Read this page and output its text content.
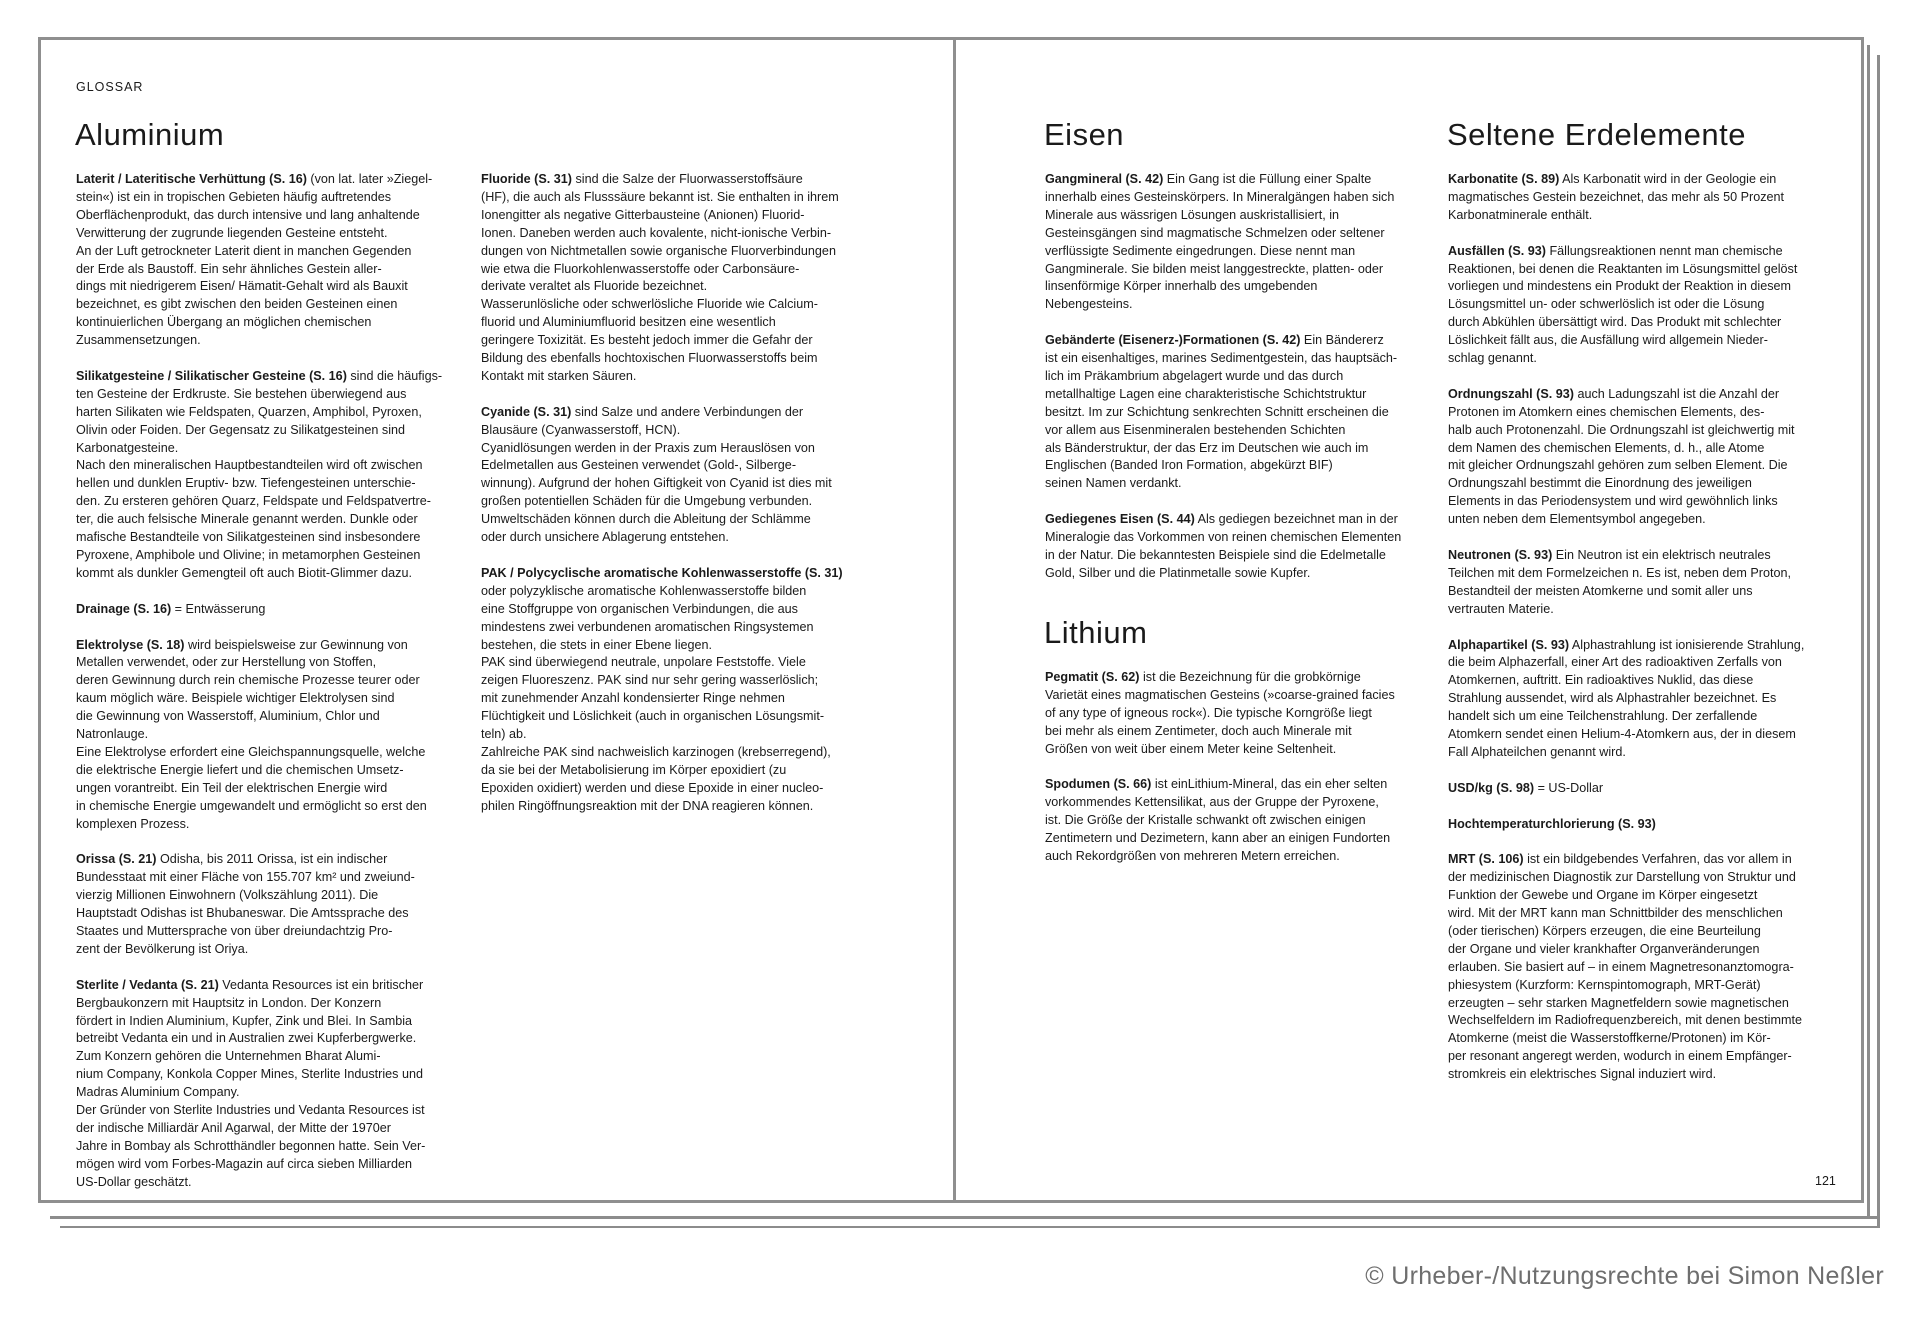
GLOSSAR
Aluminium

Laterit / Lateritische Verhüttung (S. 16) (von lat. later »Ziegel-
stein«) ist ein in tropischen Gebieten häufig auftretendes
Oberflächenprodukt, das durch intensive und lang anhaltende
Verwitterung der zugrunde liegenden Gesteine entsteht.
An der Luft getrockneter Laterit dient in manchen Gegenden
der Erde als Baustoff. Ein sehr ähnliches Gestein aller-
dings mit niedrigerem Eisen/ Hämatit-Gehalt wird als Bauxit
bezeichnet, es gibt zwischen den beiden Gesteinen einen
kontinuierlichen Übergang an möglichen chemischen
Zusammensetzungen.

Silikatgesteine / Silikatischer Gesteine (S. 16) sind die häufigs-
ten Gesteine der Erdkruste. Sie bestehen überwiegend aus
harten Silikaten wie Feldspaten, Quarzen, Amphibol, Pyroxen,
Olivin oder Foiden. Der Gegensatz zu Silikatgesteinen sind
Karbonatgesteine.
Nach den mineralischen Hauptbestandteilen wird oft zwischen
hellen und dunklen Eruptiv- bzw. Tiefengesteinen unterschie-
den. Zu ersteren gehören Quarz, Feldspate und Feldspatvertre-
ter, die auch felsische Minerale genannt werden. Dunkle oder
mafische Bestandteile von Silikatgesteinen sind insbesondere
Pyroxene, Amphibole und Olivine; in metamorphen Gesteinen
kommt als dunkler Gemengteil oft auch Biotit-Glimmer dazu.

Drainage (S. 16) = Entwässerung

Elektrolyse (S. 18) wird beispielsweise zur Gewinnung von
Metallen verwendet, oder zur Herstellung von Stoffen,
deren Gewinnung durch rein chemische Prozesse teurer oder
kaum möglich wäre. Beispiele wichtiger Elektrolysen sind
die Gewinnung von Wasserstoff, Aluminium, Chlor und
Natronlauge.
Eine Elektrolyse erfordert eine Gleichspannungsquelle, welche
die elektrische Energie liefert und die chemischen Umsetz-
ungen vorantreibt. Ein Teil der elektrischen Energie wird
in chemische Energie umgewandelt und ermöglicht so erst den
komplexen Prozess.

Orissa (S. 21) Odisha, bis 2011 Orissa, ist ein indischer
Bundesstaat mit einer Fläche von 155.707 km² und zweiund-
vierzig Millionen Einwohnern (Volkszählung 2011). Die
Hauptstadt Odishas ist Bhubaneswar. Die Amtssprache des
Staates und Muttersprache von über dreiundachtzig Pro-
zent der Bevölkerung ist Oriya.

Sterlite / Vedanta (S. 21) Vedanta Resources ist ein britischer
Bergbaukonzern mit Hauptsitz in London. Der Konzern
fördert in Indien Aluminium, Kupfer, Zink und Blei. In Sambia
betreibt Vedanta ein und in Australien zwei Kupferbergwerke.
Zum Konzern gehören die Unternehmen Bharat Alumi-
nium Company, Konkola Copper Mines, Sterlite Industries und
Madras Aluminium Company.
Der Gründer von Sterlite Industries und Vedanta Resources ist
der indische Milliardär Anil Agarwal, der Mitte der 1970er
Jahre in Bombay als Schrotthändler begonnen hatte. Sein Ver-
mögen wird vom Forbes-Magazin auf circa sieben Milliarden
US-Dollar geschätzt.

Fluoride (S. 31) sind die Salze der Fluorwasserstoffsäure
(HF), die auch als Flusssäure bekannt ist. Sie enthalten in ihrem
Ionengitter als negative Gitterbausteine (Anionen) Fluorid-
Ionen. Daneben werden auch kovalente, nicht-ionische Verbin-
dungen von Nichtmetallen sowie organische Fluorverbindungen
wie etwa die Fluorkohlenwasserstoffe oder Carbonsäure-
derivate veraltet als Fluoride bezeichnet.
Wasserunlösliche oder schwerlösliche Fluoride wie Calcium-
fluorid und Aluminiumfluorid besitzen eine wesentlich
geringere Toxizität. Es besteht jedoch immer die Gefahr der
Bildung des ebenfalls hochtoxischen Fluorwasserstoffs beim
Kontakt mit starken Säuren.

Cyanide (S. 31) sind Salze und andere Verbindungen der
Blausäure (Cyanwasserstoff, HCN).
Cyanidlösungen werden in der Praxis zum Herauslösen von
Edelmetallen aus Gesteinen verwendet (Gold-, Silberge-
winnung). Aufgrund der hohen Giftigkeit von Cyanid ist dies mit
großen potentiellen Schäden für die Umgebung verbunden.
Umweltschäden können durch die Ableitung der Schlämme
oder durch unsichere Ablagerung entstehen.

PAK / Polycyclische aromatische Kohlenwasserstoffe (S. 31)
oder polyzyklische aromatische Kohlenwasserstoffe bilden
eine Stoffgruppe von organischen Verbindungen, die aus
mindestens zwei verbundenen aromatischen Ringsystemen
bestehen, die stets in einer Ebene liegen.
PAK sind überwiegend neutrale, unpolare Feststoffe. Viele
zeigen Fluoreszenz. PAK sind nur sehr gering wasserlöslich;
mit zunehmender Anzahl kondensierter Ringe nehmen
Flüchtigkeit und Löslichkeit (auch in organischen Lösungsmit-
teln) ab.
Zahlreiche PAK sind nachweislich karzinogen (krebserregend),
da sie bei der Metabolisierung im Körper epoxidiert (zu
Epoxiden oxidiert) werden und diese Epoxide in einer nucleo-
philen Ringöffnungsreaktion mit der DNA reagieren können.

Eisen

Gangmineral (S. 42) Ein Gang ist die Füllung einer Spalte
innerhalb eines Gesteinskörpers. In Mineralgängen haben sich
Minerale aus wässrigen Lösungen auskristallisiert, in
Gesteinsgängen sind magmatische Schmelzen oder seltener
verflüssigte Sedimente eingedrungen. Diese nennt man
Gangminerale. Sie bilden meist langgestreckte, platten- oder
linsenförmige Körper innerhalb des umgebenden
Nebengesteins.

Gebänderte (Eisenerz-)Formationen (S. 42) Ein Bändererz
ist ein eisenhaltiges, marines Sedimentgestein, das hauptsäch-
lich im Präkambrium abgelagert wurde und das durch
metallhaltige Lagen eine charakteristische Schichtstruktur
besitzt. Im zur Schichtung senkrechten Schnitt erscheinen die
vor allem aus Eisenmineralen bestehenden Schichten
als Bänderstruktur, der das Erz im Deutschen wie auch im
Englischen (Banded Iron Formation, abgekürzt BIF)
seinen Namen verdankt.

Gediegenes Eisen (S. 44) Als gediegen bezeichnet man in der
Mineralogie das Vorkommen von reinen chemischen Elementen
in der Natur. Die bekanntesten Beispiele sind die Edelmetalle
Gold, Silber und die Platinmetalle sowie Kupfer.

Lithium

Pegmatit (S. 62) ist die Bezeichnung für die grobkörnige
Varietät eines magmatischen Gesteins (»coarse-grained facies
of any type of igneous rock«). Die typische Korngröße liegt
bei mehr als einem Zentimeter, doch auch Minerale mit
Größen von weit über einem Meter keine Seltenheit.

Spodumen (S. 66) ist einLithium-Mineral, das ein eher selten
vorkommendes Kettensilikat, aus der Gruppe der Pyroxene,
ist. Die Größe der Kristalle schwankt oft zwischen einigen
Zentimetern und Dezimetern, kann aber an einigen Fundorten
auch Rekordgrößen von mehreren Metern erreichen.

Seltene Erdelemente

Karbonatite (S. 89) Als Karbonatit wird in der Geologie ein
magmatisches Gestein bezeichnet, das mehr als 50 Prozent
Karbonatminerale enthält.

Ausfällen (S. 93) Fällungsreaktionen nennt man chemische
Reaktionen, bei denen die Reaktanten im Lösungsmittel gelöst
vorliegen und mindestens ein Produkt der Reaktion in diesem
Lösungsmittel un- oder schwerlöslich ist oder die Lösung
durch Abkühlen übersättigt wird. Das Produkt mit schlechter
Löslichkeit fällt aus, die Ausfällung wird allgemein Nieder-
schlag genannt.

Ordnungszahl (S. 93) auch Ladungszahl ist die Anzahl der
Protonen im Atomkern eines chemischen Elements, des-
halb auch Protonenzahl. Die Ordnungszahl ist gleichwertig mit
dem Namen des chemischen Elements, d. h., alle Atome
mit gleicher Ordnungszahl gehören zum selben Element. Die
Ordnungszahl bestimmt die Einordnung des jeweiligen
Elements in das Periodensystem und wird gewöhnlich links
unten neben dem Elementsymbol angegeben.

Neutronen (S. 93) Ein Neutron ist ein elektrisch neutrales
Teilchen mit dem Formelzeichen n. Es ist, neben dem Proton,
Bestandteil der meisten Atomkerne und somit aller uns
vertrauten Materie.

Alphapartikel (S. 93) Alphastrahlung ist ionisierende Strahlung,
die beim Alphazerfall, einer Art des radioaktiven Zerfalls von
Atomkernen, auftritt. Ein radioaktives Nuklid, das diese
Strahlung aussendet, wird als Alphastrahler bezeichnet. Es
handelt sich um eine Teilchenstrahlung. Der zerfallende
Atomkern sendet einen Helium-4-Atomkern aus, der in diesem
Fall Alphateilchen genannt wird.

USD/kg (S. 98) = US-Dollar

Hochtemperaturchlorierung (S. 93)

MRT (S. 106) ist ein bildgebendes Verfahren, das vor allem in
der medizinischen Diagnostik zur Darstellung von Struktur und
Funktion der Gewebe und Organe im Körper eingesetzt
wird. Mit der MRT kann man Schnittbilder des menschlichen
(oder tierischen) Körpers erzeugen, die eine Beurteilung
der Organe und vieler krankhafter Organveränderungen
erlauben. Sie basiert auf – in einem Magnetresonanztomogra-
phiesystem (Kurzform: Kernspintomograph, MRT-Gerät)
erzeugten – sehr starken Magnetfeldern sowie magnetischen
Wechselfeldern im Radiofrequenzbereich, mit denen bestimmte
Atomkerne (meist die Wasserstoffkerne/Protonen) im Kör-
per resonant angeregt werden, wodurch in einem Empfänger-
stromkreis ein elektrisches Signal induziert wird.

121
© Urheber-/Nutzungsrechte bei Simon Neßler
